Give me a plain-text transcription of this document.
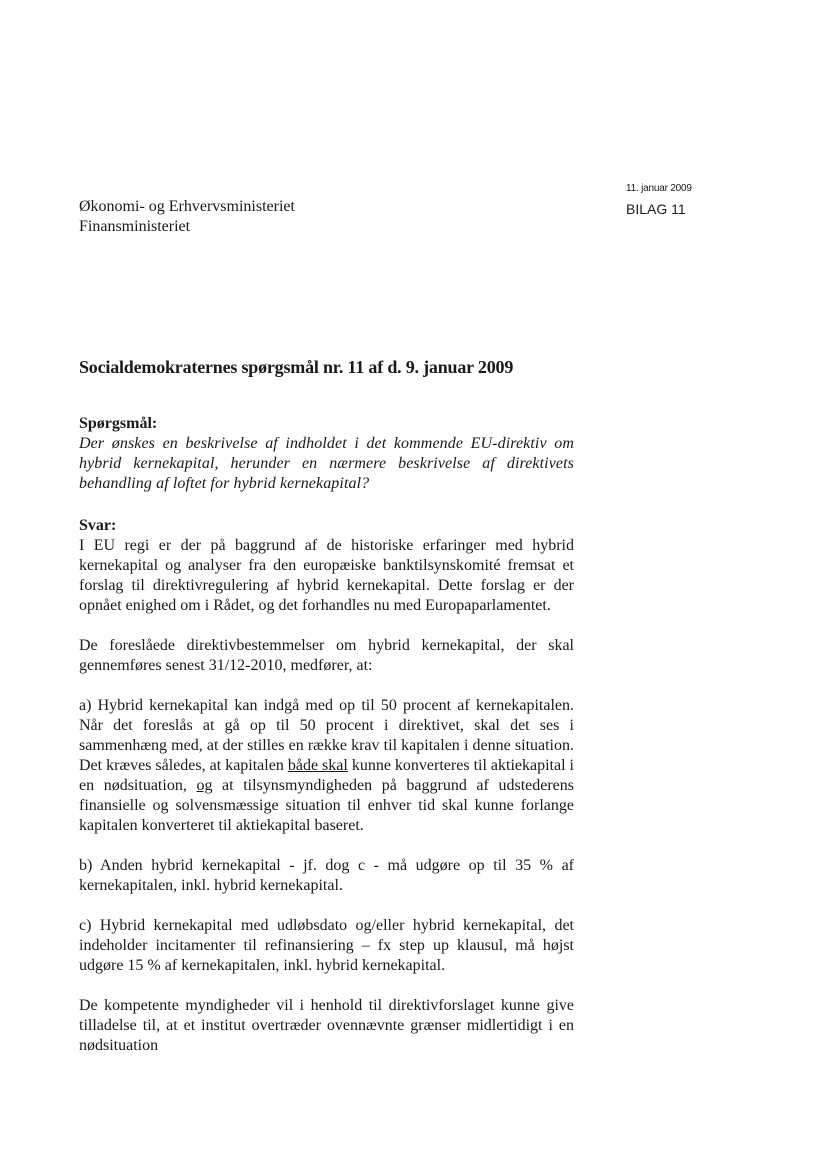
11. januar 2009
BILAG 11
Økonomi- og Erhvervsministeriet
Finansministeriet
Socialdemokraternes spørgsmål nr. 11 af d. 9. januar 2009
Spørgsmål:

Der ønskes en beskrivelse af indholdet i det kommende EU-direktiv om hybrid kernekapital, herunder en nærmere beskrivelse af direktivets behandling af loftet for hybrid kernekapital?

Svar:

I EU regi er der på baggrund af de historiske erfaringer med hybrid kernekapital og analyser fra den europæiske banktilsynskomité fremsat et forslag til direktivregulering af hybrid kernekapital. Dette forslag er der opnået enighed om i Rådet, og det forhandles nu med Europaparlamentet.

De foreslåede direktivbestemmelser om hybrid kernekapital, der skal gennemføres senest 31/12-2010, medfører, at:

a) Hybrid kernekapital kan indgå med op til 50 procent af kernekapitalen. Når det foreslås at gå op til 50 procent i direktivet, skal det ses i sammenhæng med, at der stilles en række krav til kapitalen i denne situation. Det kræves således, at kapitalen både skal kunne konverteres til aktiekapital i en nødsituation, og at tilsynsmyndigheden på baggrund af udstederens finansielle og solvensmæssige situation til enhver tid skal kunne forlange kapitalen konverteret til aktiekapital baseret.

b) Anden hybrid kernekapital - jf. dog c - må udgøre op til 35 % af kernekapitalen, inkl. hybrid kernekapital.

c) Hybrid kernekapital med udløbsdato og/eller hybrid kernekapital, det indeholder incitamenter til refinansiering – fx step up klausul, må højst udgøre 15 % af kernekapitalen, inkl. hybrid kernekapital.

De kompetente myndigheder vil i henhold til direktivforslaget kunne give tilladelse til, at et institut overtræder ovennævnte grænser midlertidigt i en nødsituation
